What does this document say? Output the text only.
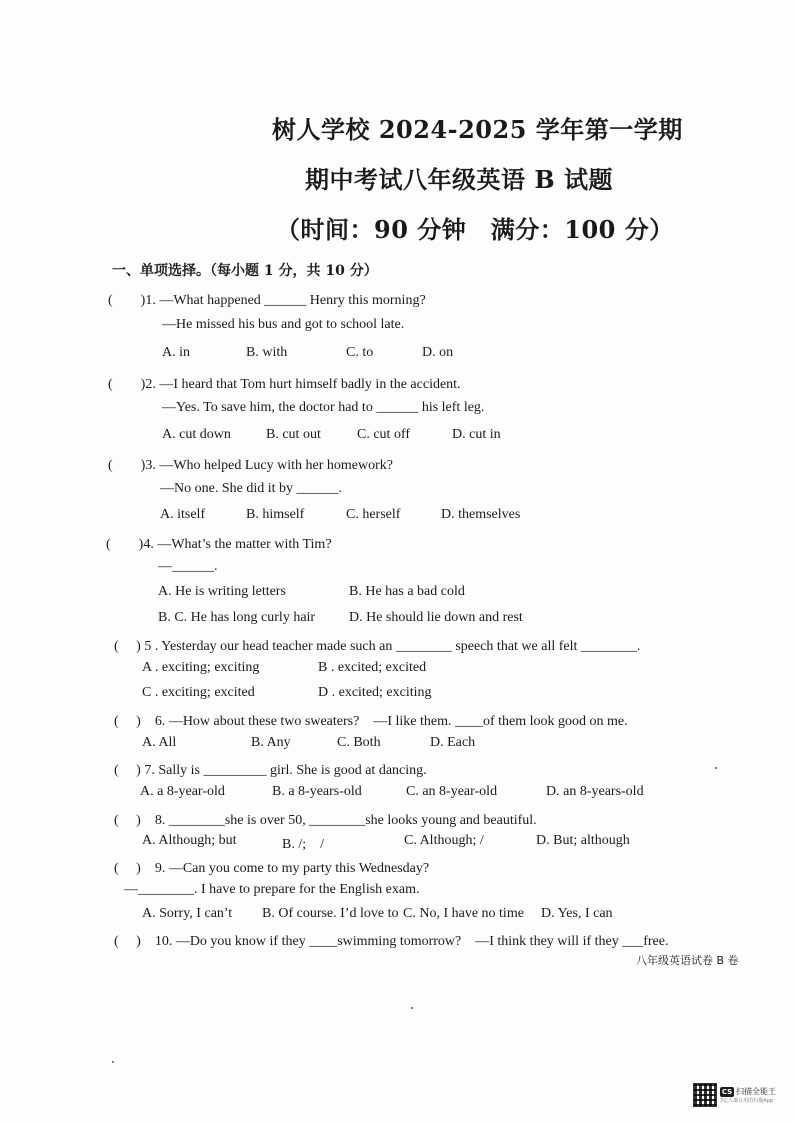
树人学校 2024-2025 学年第一学期
期中考试八年级英语 B 试题
（时间：90 分钟　满分：100 分）
一、单项选择。（每小题 1 分，共 10 分）
(　　)1. —What happened ______ Henry this morning?
—He missed his bus and got to school late.
A. in	B. with	C. to	D. on
(　　)2. —I heard that Tom hurt himself badly in the accident.
—Yes. To save him, the doctor had to ______ his left leg.
A. cut down	B. cut out	C. cut off	D. cut in
(　　)3. —Who helped Lucy with her homework?
—No one. She did it by ______.
A. itself	B. himself	C. herself	D. themselves
(　　)4. —What’s the matter with Tim?
—______.
A. He is writing letters	B. He has a bad cold
B. C. He has long curly hair D. He should lie down and rest
(　 ) 5 . Yesterday our head teacher made such an ________ speech that we all felt ________.
A . exciting; exciting	B . excited; excited
C . exciting; excited	D . excited; exciting
(　 )　6. —How about these two sweaters?　—I like them. ____of them look good on me.
A. All	B. Any	C. Both	D. Each
(　 ) 7. Sally is _________ girl. She is good at dancing.
A. a 8-year-old	B. a 8-years-old	C. an 8-year-old	D. an 8-years-old
(　 )　8. ________she is over 50, ________she looks young and beautiful.
A. Although; but	B. /;　/	C. Although; /	D. But; although
(　 )　9. —Can you come to my party this Wednesday?
—________. I have to prepare for the English exam.
A. Sorry, I can’t B. Of course. I’d love to C. No, I have no time D. Yes, I can
(　 )　10. —Do you know if they ____swimming tomorrow?　—I think they will if they ___free.
八年级英语试卷 B 卷
CS 扫描全能王
3亿人都在用的扫描App
